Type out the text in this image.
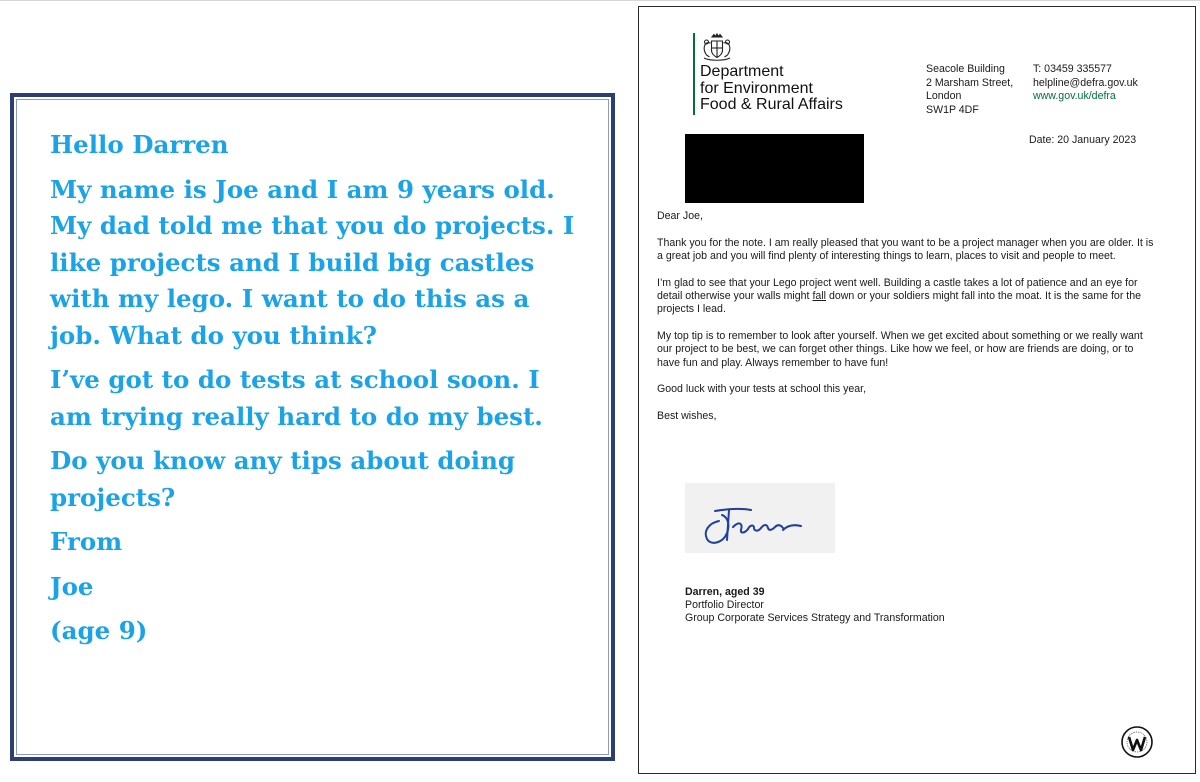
Hello Darren

My name is Joe and I am 9 years old. My dad told me that you do projects. I like projects and I build big castles with my lego. I want to do this as a job. What do you think?

I’ve got to do tests at school soon. I am trying really hard to do my best.

Do you know any tips about doing projects?

From

Joe

(age 9)

Department
for Environment
Food & Rural Affairs
Seacole Building
2 Marsham Street,
London
SW1P 4DF
T: 03459 335577
helpline@defra.gov.uk
www.gov.uk/defra
Date: 20 January 2023

Dear Joe,

Thank you for the note. I am really pleased that you want to be a project manager when you are older. It is a great job and you will find plenty of interesting things to learn, places to visit and people to meet.

I’m glad to see that your Lego project went well. Building a castle takes a lot of patience and an eye for detail otherwise your walls might fall down or your soldiers might fall into the moat. It is the same for the projects I lead.

My top tip is to remember to look after yourself. When we get excited about something or we really want our project to be best, we can forget other things. Like how we feel, or how are friends are doing, or to have fun and play. Always remember to have fun!

Good luck with your tests at school this year,

Best wishes,

Darren, aged 39
Portfolio Director
Group Corporate Services Strategy and Transformation
